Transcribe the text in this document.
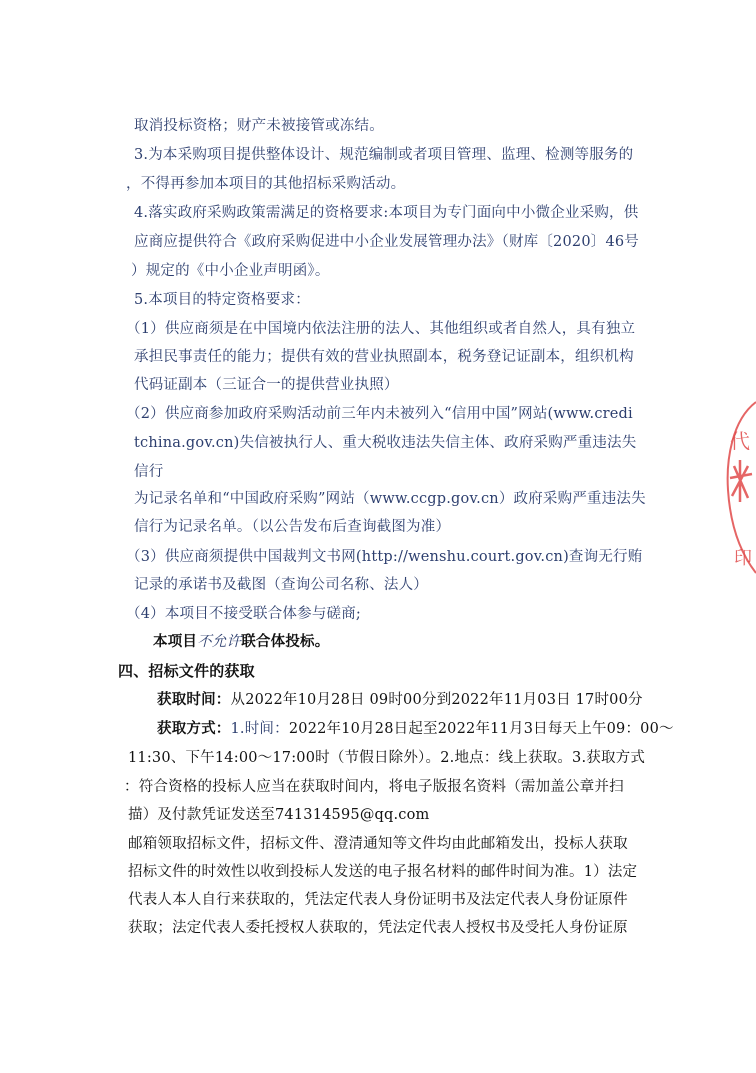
取消投标资格；财产未被接管或冻结。
3.为本采购项目提供整体设计、规范编制或者项目管理、监理、检测等服务的
，不得再参加本项目的其他招标采购活动。
4.落实政府采购政策需满足的资格要求:本项目为专门面向中小微企业采购，供
应商应提供符合《政府采购促进中小企业发展管理办法》（财库〔2020〕46号
）规定的《中小企业声明函》。
5.本项目的特定资格要求：
（1）供应商须是在中国境内依法注册的法人、其他组织或者自然人，具有独立
承担民事责任的能力；提供有效的营业执照副本，税务登记证副本，组织机构
代码证副本（三证合一的提供营业执照）
（2）供应商参加政府采购活动前三年内未被列入“信用中国”网站(www.credi
tchina.gov.cn)失信被执行人、重大税收违法失信主体、政府采购严重违法失
信行
为记录名单和“中国政府采购”网站（www.ccgp.gov.cn）政府采购严重违法失
信行为记录名单。（以公告发布后查询截图为准）
（3）供应商须提供中国裁判文书网(http://wenshu.court.gov.cn)查询无行贿
记录的承诺书及截图（查询公司名称、法人）
（4）本项目不接受联合体参与磋商;
本项目不允许联合体投标。
四、招标文件的获取
获取时间：从2022年10月28日 09时00分到2022年11月03日 17时00分
获取方式：1.时间：2022年10月28日起至2022年11月3日每天上午09：00～
11:30、下午14:00～17:00时（节假日除外）。2.地点：线上获取。3.获取方式
：符合资格的投标人应当在获取时间内，将电子版报名资料（需加盖公章并扫
描）及付款凭证发送至741314595@qq.com
邮箱领取招标文件，招标文件、澄清通知等文件均由此邮箱发出，投标人获取
招标文件的时效性以收到投标人发送的电子报名材料的邮件时间为准。1）法定
代表人本人自行来获取的，凭法定代表人身份证明书及法定代表人身份证原件
获取；法定代表人委托授权人获取的，凭法定代表人授权书及受托人身份证原
代
印
